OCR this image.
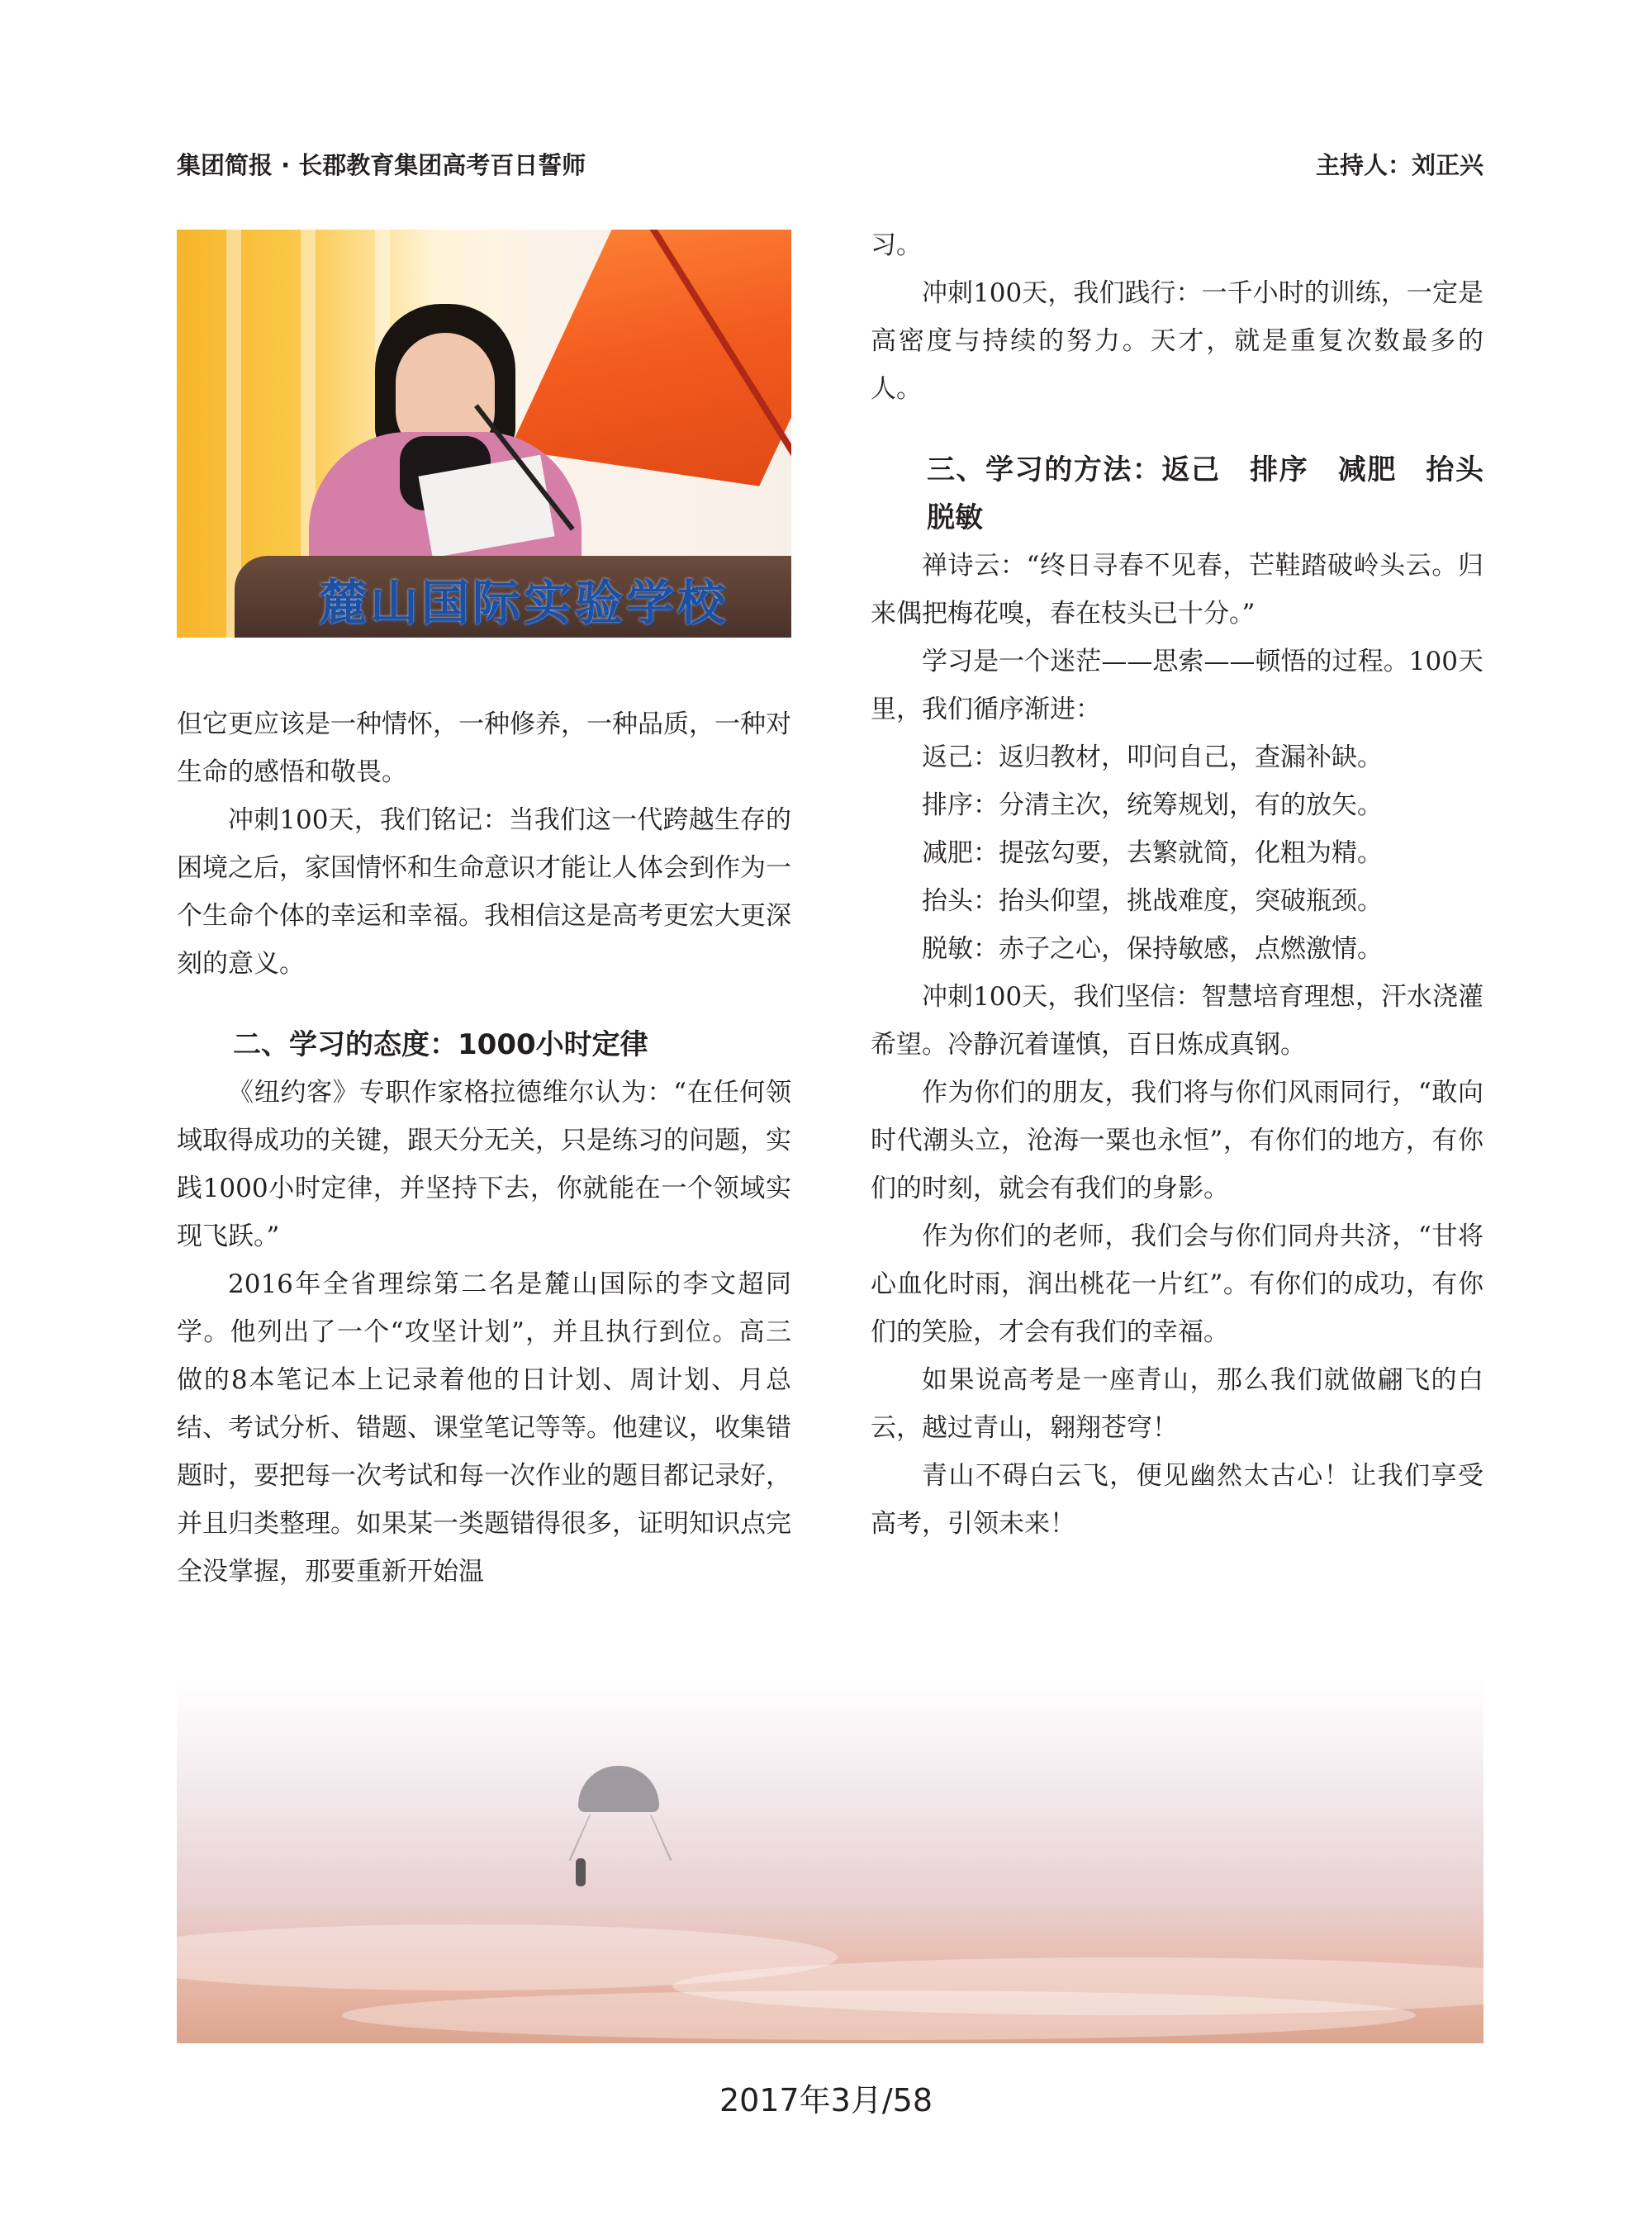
集团简报 · 长郡教育集团高考百日誓师	主持人：刘正兴
麓山国际实验学校

但它更应该是一种情怀，一种修养，一种品质，一种对生命的感悟和敬畏。

冲刺100天，我们铭记：当我们这一代跨越生存的困境之后，家国情怀和生命意识才能让人体会到作为一个生命个体的幸运和幸福。我相信这是高考更宏大更深刻的意义。

二、学习的态度：1000小时定律

《纽约客》专职作家格拉德维尔认为：“在任何领域取得成功的关键，跟天分无关，只是练习的问题，实践1000小时定律，并坚持下去，你就能在一个领域实现飞跃。”

2016年全省理综第二名是麓山国际的李文超同学。他列出了一个“攻坚计划”，并且执行到位。高三做的8本笔记本上记录着他的日计划、周计划、月总结、考试分析、错题、课堂笔记等等。他建议，收集错题时，要把每一次考试和每一次作业的题目都记录好，并且归类整理。如果某一类题错得很多，证明知识点完全没掌握，那要重新开始温

习。

冲刺100天，我们践行：一千小时的训练，一定是高密度与持续的努力。天才，就是重复次数最多的人。

三、学习的方法：返己　排序　减肥　抬头　脱敏

禅诗云：“终日寻春不见春，芒鞋踏破岭头云。归来偶把梅花嗅，春在枝头已十分。”

学习是一个迷茫——思索——顿悟的过程。100天里，我们循序渐进：

返己：返归教材，叩问自己，查漏补缺。

排序：分清主次，统筹规划，有的放矢。

减肥：提弦勾要，去繁就简，化粗为精。

抬头：抬头仰望，挑战难度，突破瓶颈。

脱敏：赤子之心，保持敏感，点燃激情。

冲刺100天，我们坚信：智慧培育理想，汗水浇灌希望。冷静沉着谨慎，百日炼成真钢。

作为你们的朋友，我们将与你们风雨同行，“敢向时代潮头立，沧海一粟也永恒”，有你们的地方，有你们的时刻，就会有我们的身影。

作为你们的老师，我们会与你们同舟共济，“甘将心血化时雨，润出桃花一片红”。有你们的成功，有你们的笑脸，才会有我们的幸福。

如果说高考是一座青山，那么我们就做翩飞的白云，越过青山，翱翔苍穹！

青山不碍白云飞，便见幽然太古心！让我们享受高考，引领未来！

2017年3月/58
